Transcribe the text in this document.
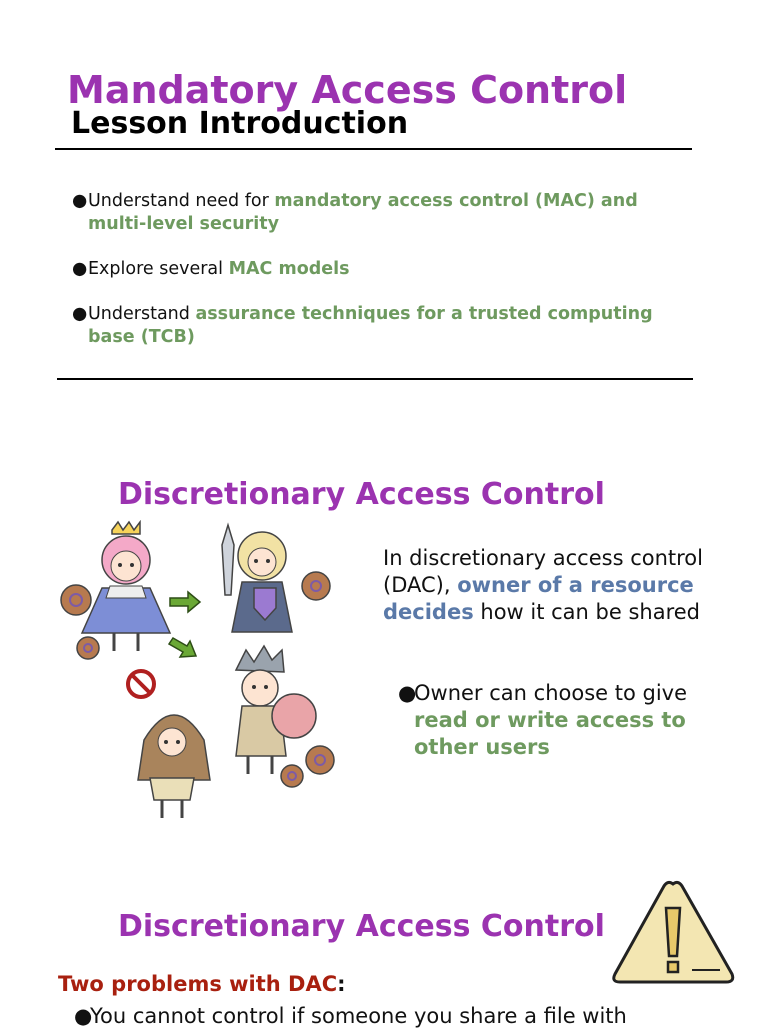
Mandatory Access Control
Lesson Introduction
● Understand need for mandatory access control (MAC) and multi-level security
● Explore several MAC models
● Understand assurance techniques for a trusted computing base (TCB)
Discretionary Access Control
In discretionary access control (DAC), owner of a resource decides how it can be shared
●
Owner can choose to give read or write access to other users
Discretionary Access Control
Two problems with DAC:
●
You cannot control if someone you share a file with
